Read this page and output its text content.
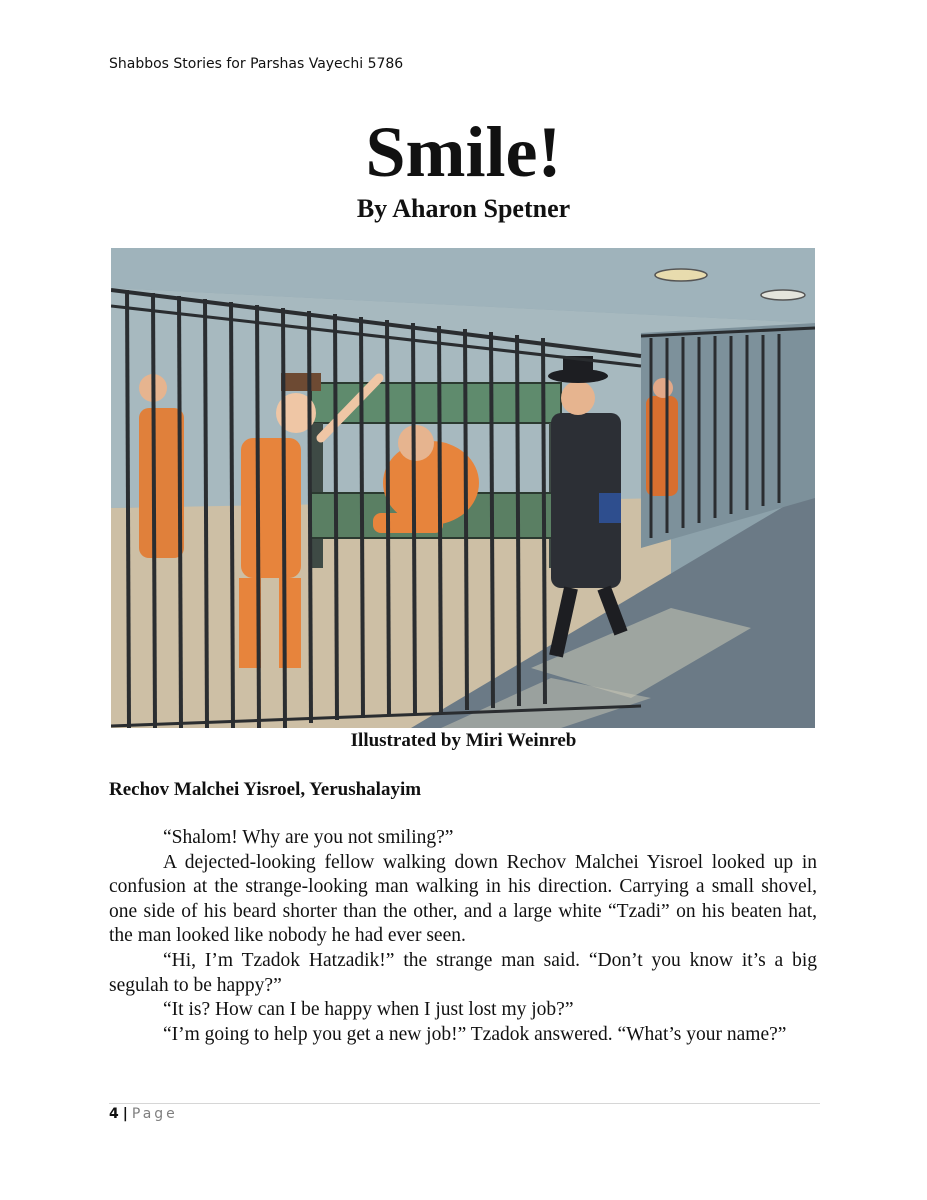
Shabbos Stories for Parshas Vayechi 5786
Smile!
By Aharon Spetner
Illustrated by Miri Weinreb
Rechov Malchei Yisroel, Yerushalayim

“Shalom! Why are you not smiling?”

A dejected-looking fellow walking down Rechov Malchei Yisroel looked up in confusion at the strange-looking man walking in his direction. Carrying a small shovel, one side of his beard shorter than the other, and a large white “Tzadi” on his beaten hat, the man looked like nobody he had ever seen.

“Hi, I’m Tzadok Hatzadik!” the strange man said. “Don’t you know it’s a big segulah to be happy?”

“It is? How can I be happy when I just lost my job?”

“I’m going to help you get a new job!” Tzadok answered. “What’s your name?”

4 | Page
